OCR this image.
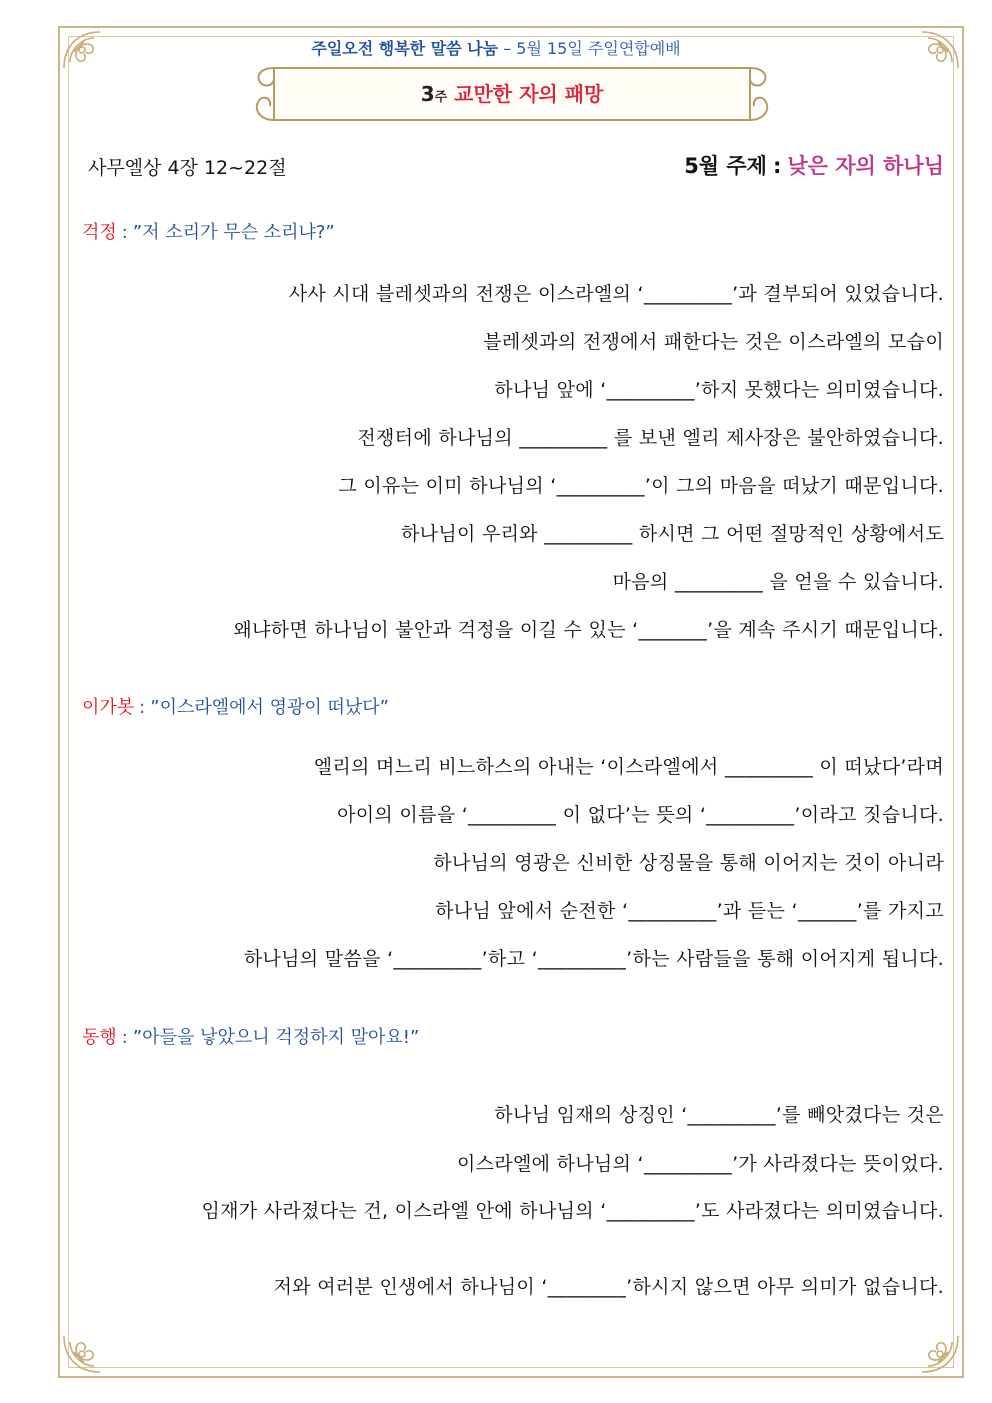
주일오전 행복한 말씀 나눔 – 5월 15일 주일연합예배
3주 교만한 자의 패망
사무엘상 4장 12~22절	5월 주제 : 낮은 자의 하나님
걱정 : ”저 소리가 무슨 소리냐?”
사사 시대 블레셋과의 전쟁은 이스라엘의 ‘_________’과 결부되어 있었습니다.
블레셋과의 전쟁에서 패한다는 것은 이스라엘의 모습이
하나님 앞에 ‘_________’하지 못했다는 의미였습니다.
전쟁터에 하나님의 _________ 를 보낸 엘리 제사장은 불안하였습니다.
그 이유는 이미 하나님의 ‘_________’이 그의 마음을 떠났기 때문입니다.
하나님이 우리와 _________ 하시면 그 어떤 절망적인 상황에서도
마음의 _________ 을 얻을 수 있습니다.
왜냐하면 하나님이 불안과 걱정을 이길 수 있는 ‘_______’을 계속 주시기 때문입니다.
이가봇 : ”이스라엘에서 영광이 떠났다”
엘리의 며느리 비느하스의 아내는 ‘이스라엘에서 _________ 이 떠났다’라며
아이의 이름을 ‘_________ 이 없다’는 뜻의 ‘_________’이라고 짓습니다.
하나님의 영광은 신비한 상징물을 통해 이어지는 것이 아니라
하나님 앞에서 순전한 ‘_________’과 듣는 ‘______’를 가지고
하나님의 말씀을 ‘_________’하고 ‘_________’하는 사람들을 통해 이어지게 됩니다.
동행 : ”아들을 낳았으니 걱정하지 말아요!”
하나님 임재의 상징인 ‘_________’를 빼앗겼다는 것은
이스라엘에 하나님의 ‘_________’가 사라졌다는 뜻이었다.
임재가 사라졌다는 건, 이스라엘 안에 하나님의 ‘_________’도 사라졌다는 의미였습니다.
저와 여러분 인생에서 하나님이 ‘________’하시지 않으면 아무 의미가 없습니다.
